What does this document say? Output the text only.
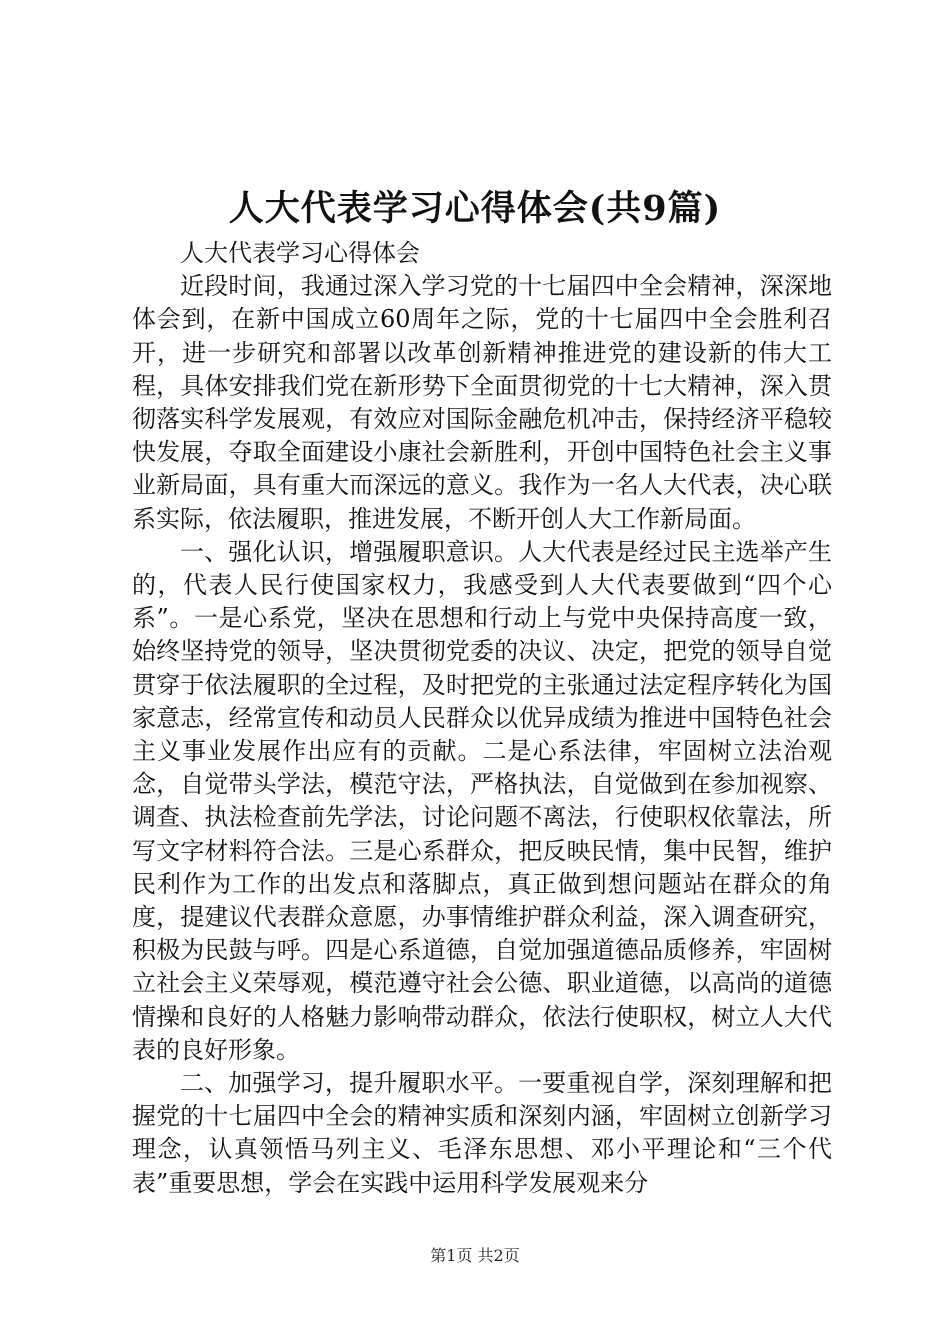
人大代表学习心得体会(共9篇)

人大代表学习心得体会

近段时间，我通过深入学习党的十七届四中全会精神，深深地体会到，在新中国成立60周年之际，党的十七届四中全会胜利召开，进一步研究和部署以改革创新精神推进党的建设新的伟大工程，具体安排我们党在新形势下全面贯彻党的十七大精神，深入贯彻落实科学发展观，有效应对国际金融危机冲击，保持经济平稳较快发展，夺取全面建设小康社会新胜利，开创中国特色社会主义事业新局面，具有重大而深远的意义。我作为一名人大代表，决心联系实际，依法履职，推进发展，不断开创人大工作新局面。

一、强化认识，增强履职意识。人大代表是经过民主选举产生的，代表人民行使国家权力，我感受到人大代表要做到“四个心系”。一是心系党，坚决在思想和行动上与党中央保持高度一致，始终坚持党的领导，坚决贯彻党委的决议、决定，把党的领导自觉贯穿于依法履职的全过程，及时把党的主张通过法定程序转化为国家意志，经常宣传和动员人民群众以优异成绩为推进中国特色社会主义事业发展作出应有的贡献。二是心系法律，牢固树立法治观念，自觉带头学法，模范守法，严格执法，自觉做到在参加视察、调查、执法检查前先学法，讨论问题不离法，行使职权依靠法，所写文字材料符合法。三是心系群众，把反映民情，集中民智，维护民利作为工作的出发点和落脚点，真正做到想问题站在群众的角度，提建议代表群众意愿，办事情维护群众利益，深入调查研究，积极为民鼓与呼。四是心系道德，自觉加强道德品质修养，牢固树立社会主义荣辱观，模范遵守社会公德、职业道德，以高尚的道德情操和良好的人格魅力影响带动群众，依法行使职权，树立人大代表的良好形象。

二、加强学习，提升履职水平。一要重视自学，深刻理解和把握党的十七届四中全会的精神实质和深刻内涵，牢固树立创新学习理念，认真领悟马列主义、毛泽东思想、邓小平理论和“三个代表”重要思想，学会在实践中运用科学发展观来分

第1页 共2页
